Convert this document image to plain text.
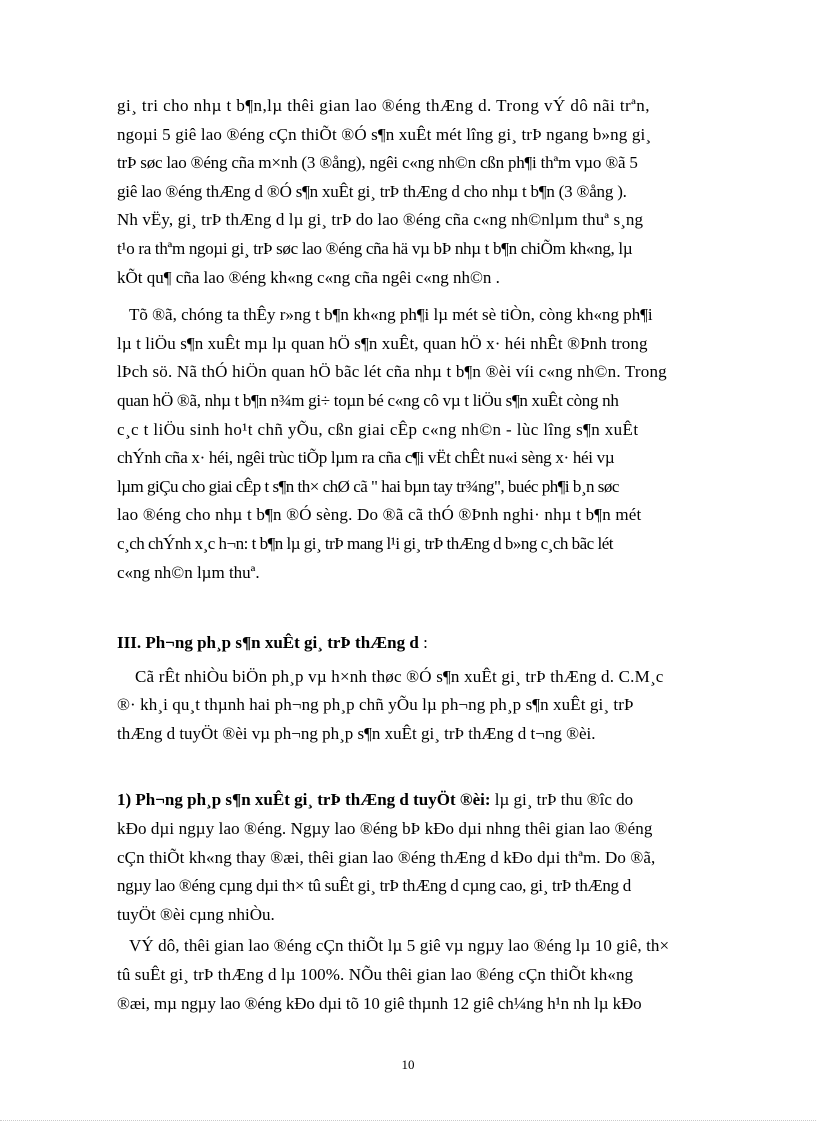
gi¸ tri cho nhµ t b¶n,lµ thêi gian lao ®éng thÆng d. Trong vÝ dô nãi trªn,
ngoµi 5 giê lao ®éng cÇn thiÕt ®Ó s¶n xuÊt mét lîng gi¸ trÞ ngang b»ng gi¸
trÞ søc lao ®éng cña m×nh (3 ®ång), ngêi c«ng nh©n cßn ph¶i thªm vµo ®ã 5
giê lao ®éng thÆng d ®Ó s¶n xuÊt gi¸ trÞ thÆng d cho nhµ t b¶n (3 ®ång ).
Nh vËy, gi¸ trÞ thÆng d lµ gi¸ trÞ do lao ®éng cña c«ng nh©nlµm thuª s¸ng
t¹o ra thªm ngoµi gi¸ trÞ søc lao ®éng cña hä vµ bÞ nhµ t b¶n chiÕm kh«ng, lµ
kÕt qu¶ cña lao ®éng kh«ng c«ng cña ngêi c«ng nh©n .
Tõ ®ã, chóng ta thÊy r»ng t b¶n kh«ng ph¶i lµ mét sè tiÒn, còng kh«ng ph¶i
lµ t liÖu s¶n xuÊt mµ lµ quan hÖ s¶n xuÊt, quan hÖ x· héi nhÊt ®Þnh trong
lÞch sö. Nã thÓ hiÖn quan hÖ bãc lét cña nhµ t b¶n ®èi víi c«ng nh©n. Trong
quan hÖ ®ã, nhµ t b¶n n¾m gi÷ toµn bé c«ng cô vµ t liÖu s¶n xuÊt còng nh
c¸c t liÖu sinh ho¹t chñ yÕu, cßn giai cÊp c«ng nh©n - lùc lîng s¶n xuÊt
chÝnh cña x· héi, ngêi trùc tiÕp lµm ra cña c¶i vËt chÊt nu«i sèng x· héi vµ
lµm giÇu cho giai cÊp t s¶n th× chØ cã " hai bµn tay tr¾ng", buéc ph¶i b¸n søc
lao ®éng cho nhµ t b¶n ®Ó sèng. Do ®ã cã thÓ ®Þnh nghi· nhµ t b¶n mét
c¸ch chÝnh x¸c h¬n: t b¶n lµ gi¸ trÞ mang l¹i gi¸ trÞ thÆng d b»ng c¸ch bãc lét
c«ng nh©n lµm thuª.
III. Ph¬ng ph¸p s¶n xuÊt gi¸ trÞ thÆng d :
Cã rÊt nhiÒu biÖn ph¸p vµ h×nh thøc ®Ó s¶n xuÊt gi¸ trÞ thÆng d. C.M¸c
®· kh¸i qu¸t thµnh hai ph¬ng ph¸p chñ yÕu lµ ph¬ng ph¸p s¶n xuÊt gi¸ trÞ
thÆng d tuyÖt ®èi vµ ph¬ng ph¸p s¶n xuÊt gi¸ trÞ thÆng d t¬ng ®èi.
1) Ph¬ng ph¸p s¶n xuÊt gi¸ trÞ thÆng d tuyÖt ®èi: lµ gi¸ trÞ thu ®îc do
kÐo dµi ngµy lao ®éng. Ngµy lao ®éng bÞ kÐo dµi nhng thêi gian lao ®éng
cÇn thiÕt kh«ng thay ®æi, thêi gian lao ®éng thÆng d kÐo dµi thªm. Do ®ã,
ngµy lao ®éng cµng dµi th× tû suÊt gi¸ trÞ thÆng d cµng cao, gi¸ trÞ thÆng d
tuyÖt ®èi cµng nhiÒu.
VÝ dô, thêi gian lao ®éng cÇn thiÕt lµ 5 giê vµ ngµy lao ®éng lµ 10 giê, th×
tû suÊt gi¸ trÞ thÆng d lµ 100%. NÕu thêi gian lao ®éng cÇn thiÕt kh«ng
®æi, mµ ngµy lao ®éng kÐo dµi tõ 10 giê thµnh 12 giê ch¼ng h¹n nh lµ kÐo
10
